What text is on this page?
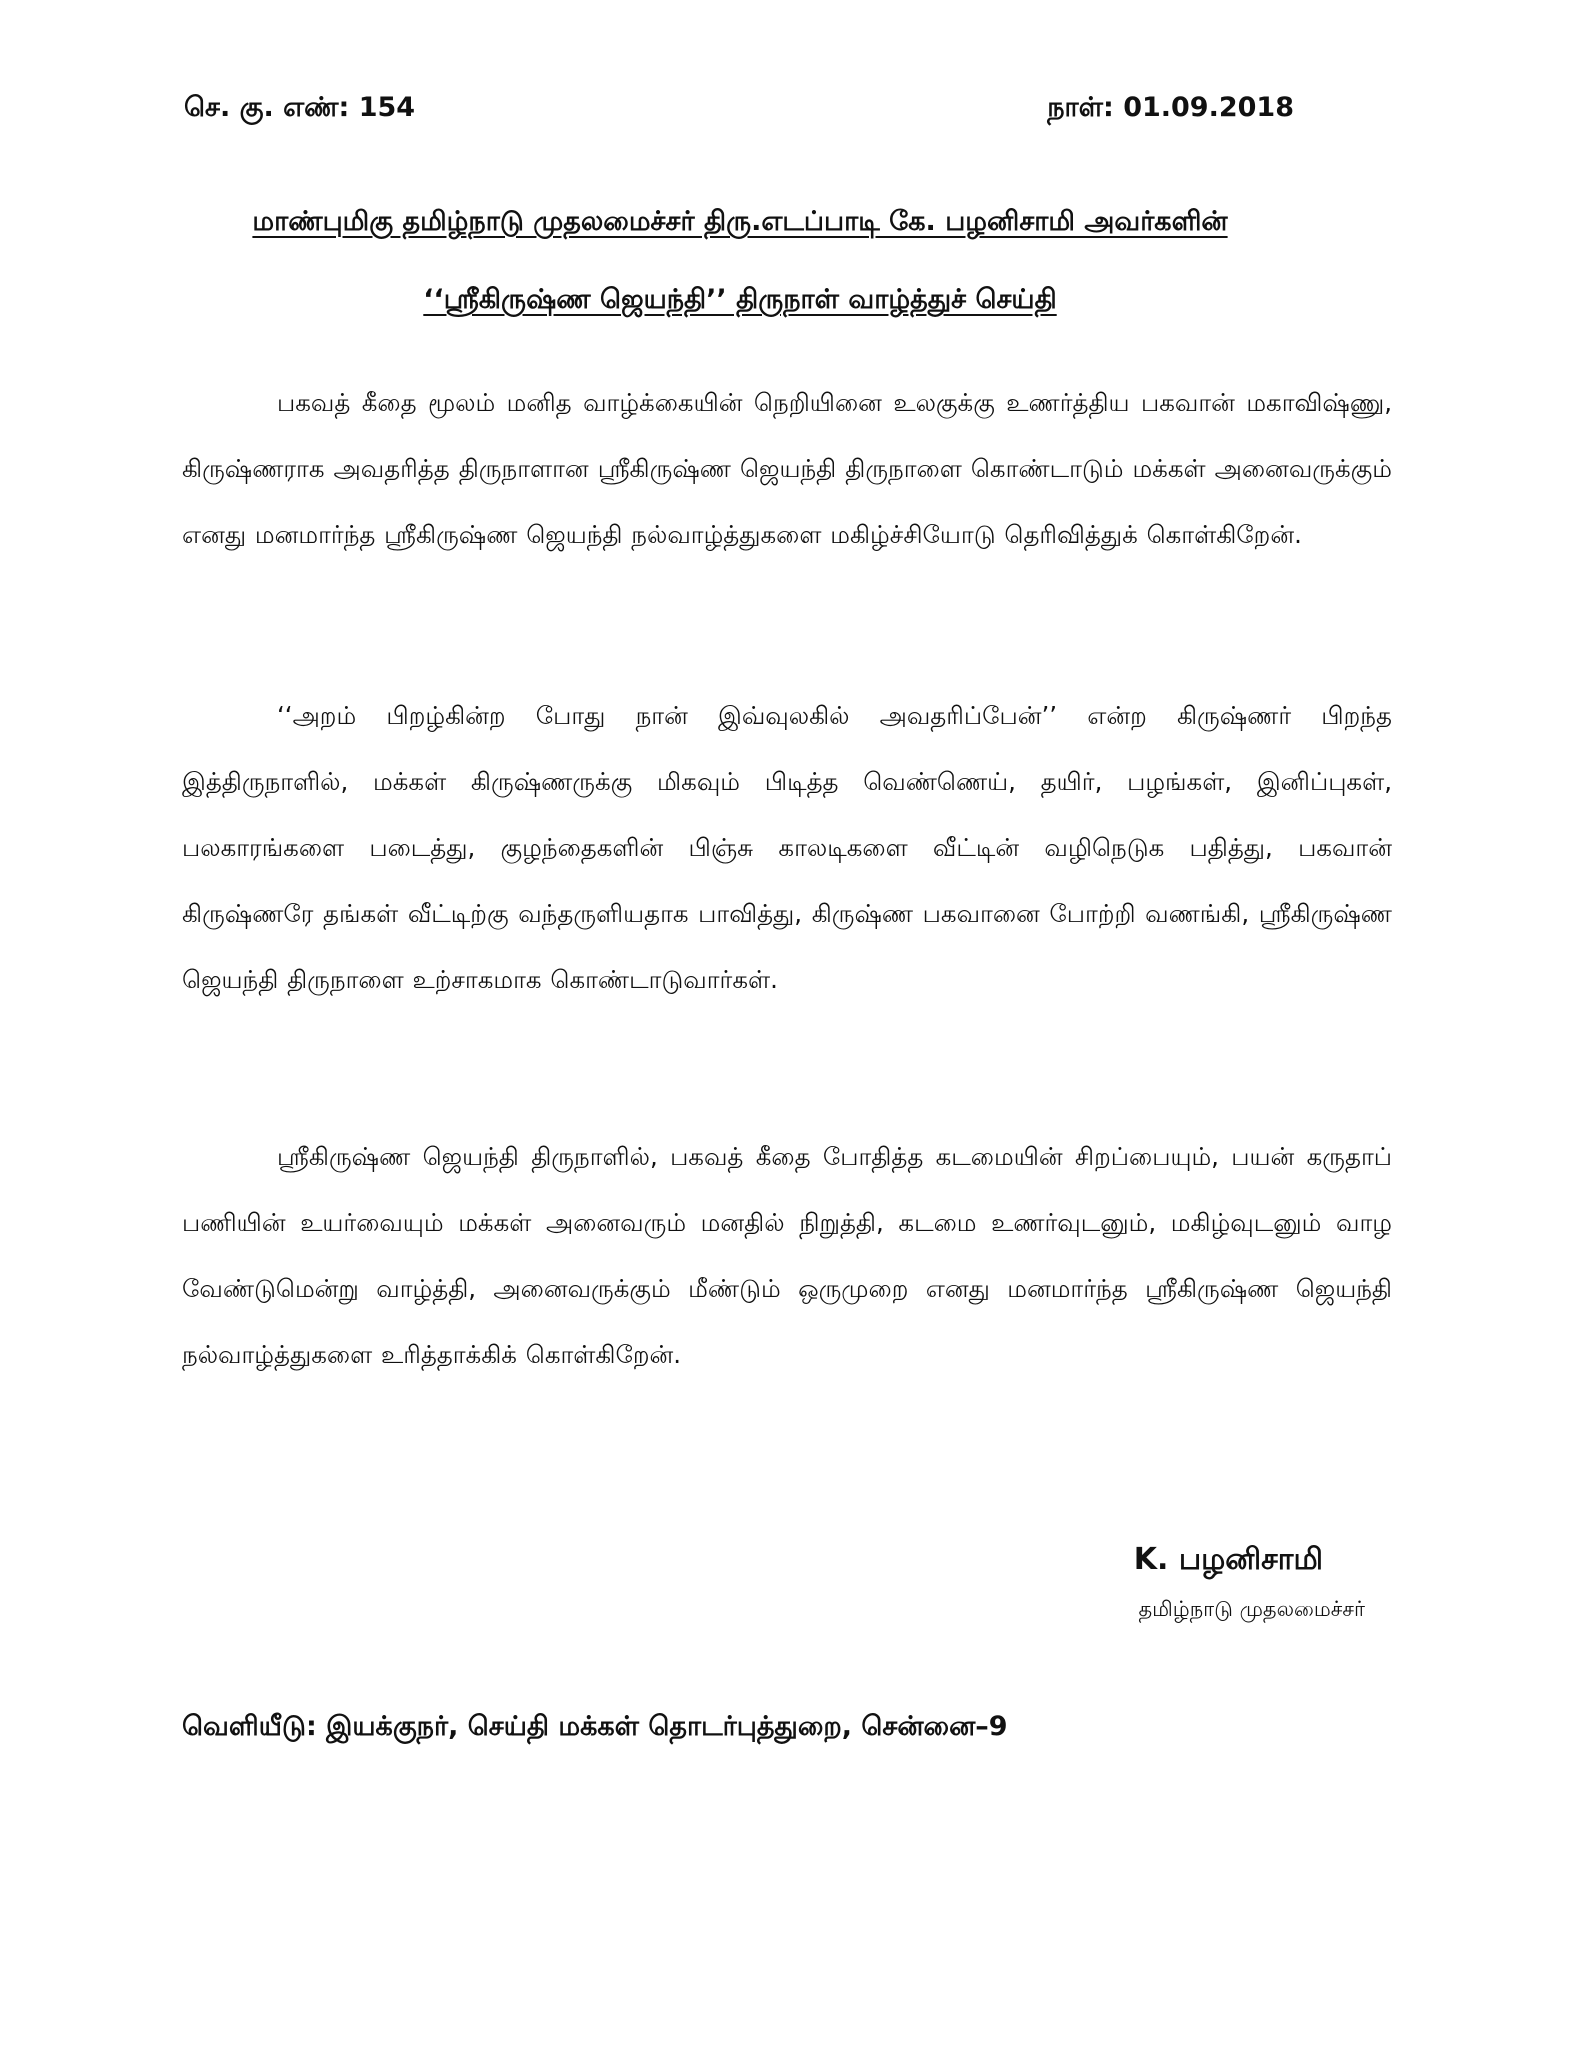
செ. கு. எண்: 154	நாள்: 01.09.2018
மாண்புமிகு தமிழ்நாடு முதலமைச்சர் திரு.எடப்பாடி கே. பழனிசாமி அவர்களின்
‘‘ஸ்ரீகிருஷ்ண ஜெயந்தி’’ திருநாள் வாழ்த்துச் செய்தி

பகவத் கீதை மூலம் மனித வாழ்க்கையின் நெறியினை உலகுக்கு உணர்த்திய பகவான் மகாவிஷ்ணு, கிருஷ்ணராக அவதரித்த திருநாளான ஸ்ரீகிருஷ்ண ஜெயந்தி திருநாளை கொண்டாடும் மக்கள் அனைவருக்கும் எனது மனமார்ந்த ஸ்ரீகிருஷ்ண ஜெயந்தி நல்வாழ்த்துகளை மகிழ்ச்சியோடு தெரிவித்துக் கொள்கிறேன்.

‘‘அறம் பிறழ்கின்ற போது நான் இவ்வுலகில் அவதரிப்பேன்’’ என்ற கிருஷ்ணர் பிறந்த இத்திருநாளில், மக்கள் கிருஷ்ணருக்கு மிகவும் பிடித்த வெண்ணெய், தயிர், பழங்கள், இனிப்புகள், பலகாரங்களை படைத்து, குழந்தைகளின் பிஞ்சு காலடிகளை வீட்டின் வழிநெடுக பதித்து, பகவான் கிருஷ்ணரே தங்கள் வீட்டிற்கு வந்தருளியதாக பாவித்து, கிருஷ்ண பகவானை போற்றி வணங்கி, ஸ்ரீகிருஷ்ண ஜெயந்தி திருநாளை உற்சாகமாக கொண்டாடுவார்கள்.

ஸ்ரீகிருஷ்ண ஜெயந்தி திருநாளில், பகவத் கீதை போதித்த கடமையின் சிறப்பையும், பயன் கருதாப் பணியின் உயர்வையும் மக்கள் அனைவரும் மனதில் நிறுத்தி, கடமை உணர்வுடனும், மகிழ்வுடனும் வாழ வேண்டுமென்று வாழ்த்தி, அனைவருக்கும் மீண்டும் ஒருமுறை எனது மனமார்ந்த ஸ்ரீகிருஷ்ண ஜெயந்தி நல்வாழ்த்துகளை உரித்தாக்கிக் கொள்கிறேன்.

K. பழனிசாமி
தமிழ்நாடு முதலமைச்சர்
வெளியீடு: இயக்குநர், செய்தி மக்கள் தொடர்புத்துறை, சென்னை–9
